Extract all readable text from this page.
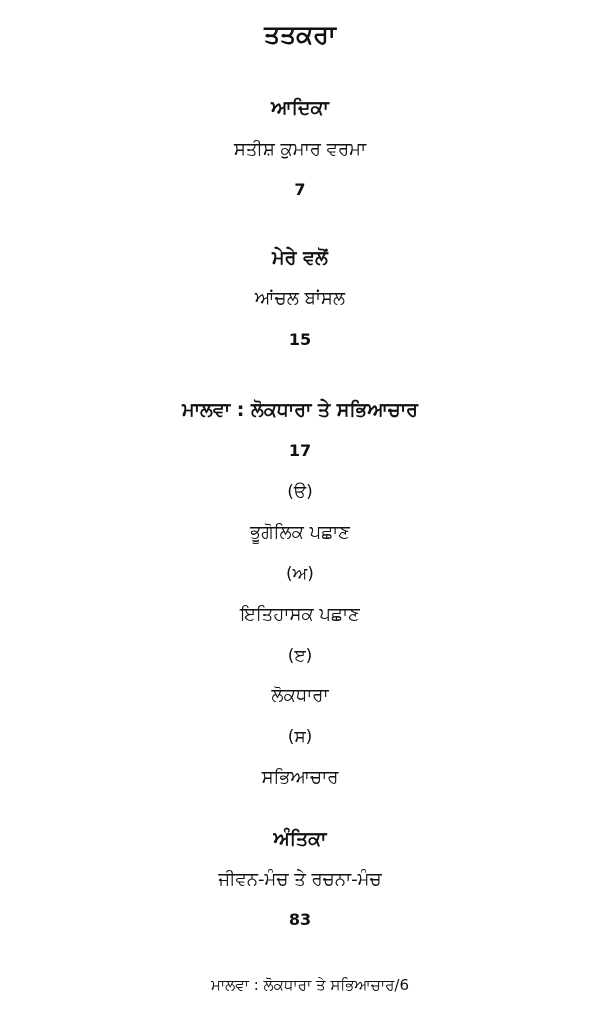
ਤਤਕਰਾ
ਆਦਿਕਾ
ਸਤੀਸ਼ ਕੁਮਾਰ ਵਰਮਾ
7
ਮੇਰੇ ਵਲੋਂ
ਆਂਚਲ ਬਾਂਸਲ
15
ਮਾਲਵਾ : ਲੋਕਧਾਰਾ ਤੇ ਸਭਿਆਚਾਰ
17
(ੳ)
ਭੂਗੋਲਿਕ ਪਛਾਣ
(ਅ)
ਇਤਿਹਾਸਕ ਪਛਾਣ
(ੲ)
ਲੋਕਧਾਰਾ
(ਸ)
ਸਭਿਆਚਾਰ
ਅੰਤਿਕਾ
ਜੀਵਨ-ਮੰਚ ਤੇ ਰਚਨਾ-ਮੰਚ
83
ਮਾਲਵਾ : ਲੋਕਧਾਰਾ ਤੇ ਸਭਿਆਚਾਰ/6
